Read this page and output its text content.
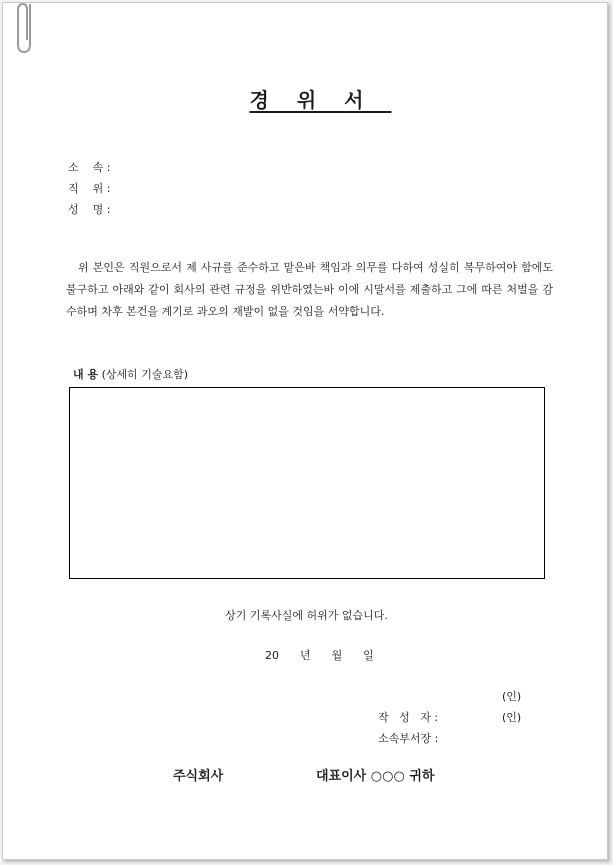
경위서
소    속 :
직    위 :
성    명 :
위 본인은 직원으로서 제 사규를 준수하고 맡은바 책임과 의무를 다하여 성실히 복무하여야 함에도 불구하고 아래와 같이 회사의 관련 규정을 위반하였는바 이에 시말서를 제출하고 그에 따른 처벌을 감수하며 차후 본건을 계기로 과오의 재발이 없을 것임을 서약합니다.
내 용 (상세히 기술요함)
상기 기록사실에 허위가 없습니다.
20      년      월      일

작   성   자 :

(인)

소속부서장 :

(인)

주식회사	대표이사 ○○○ 귀하
